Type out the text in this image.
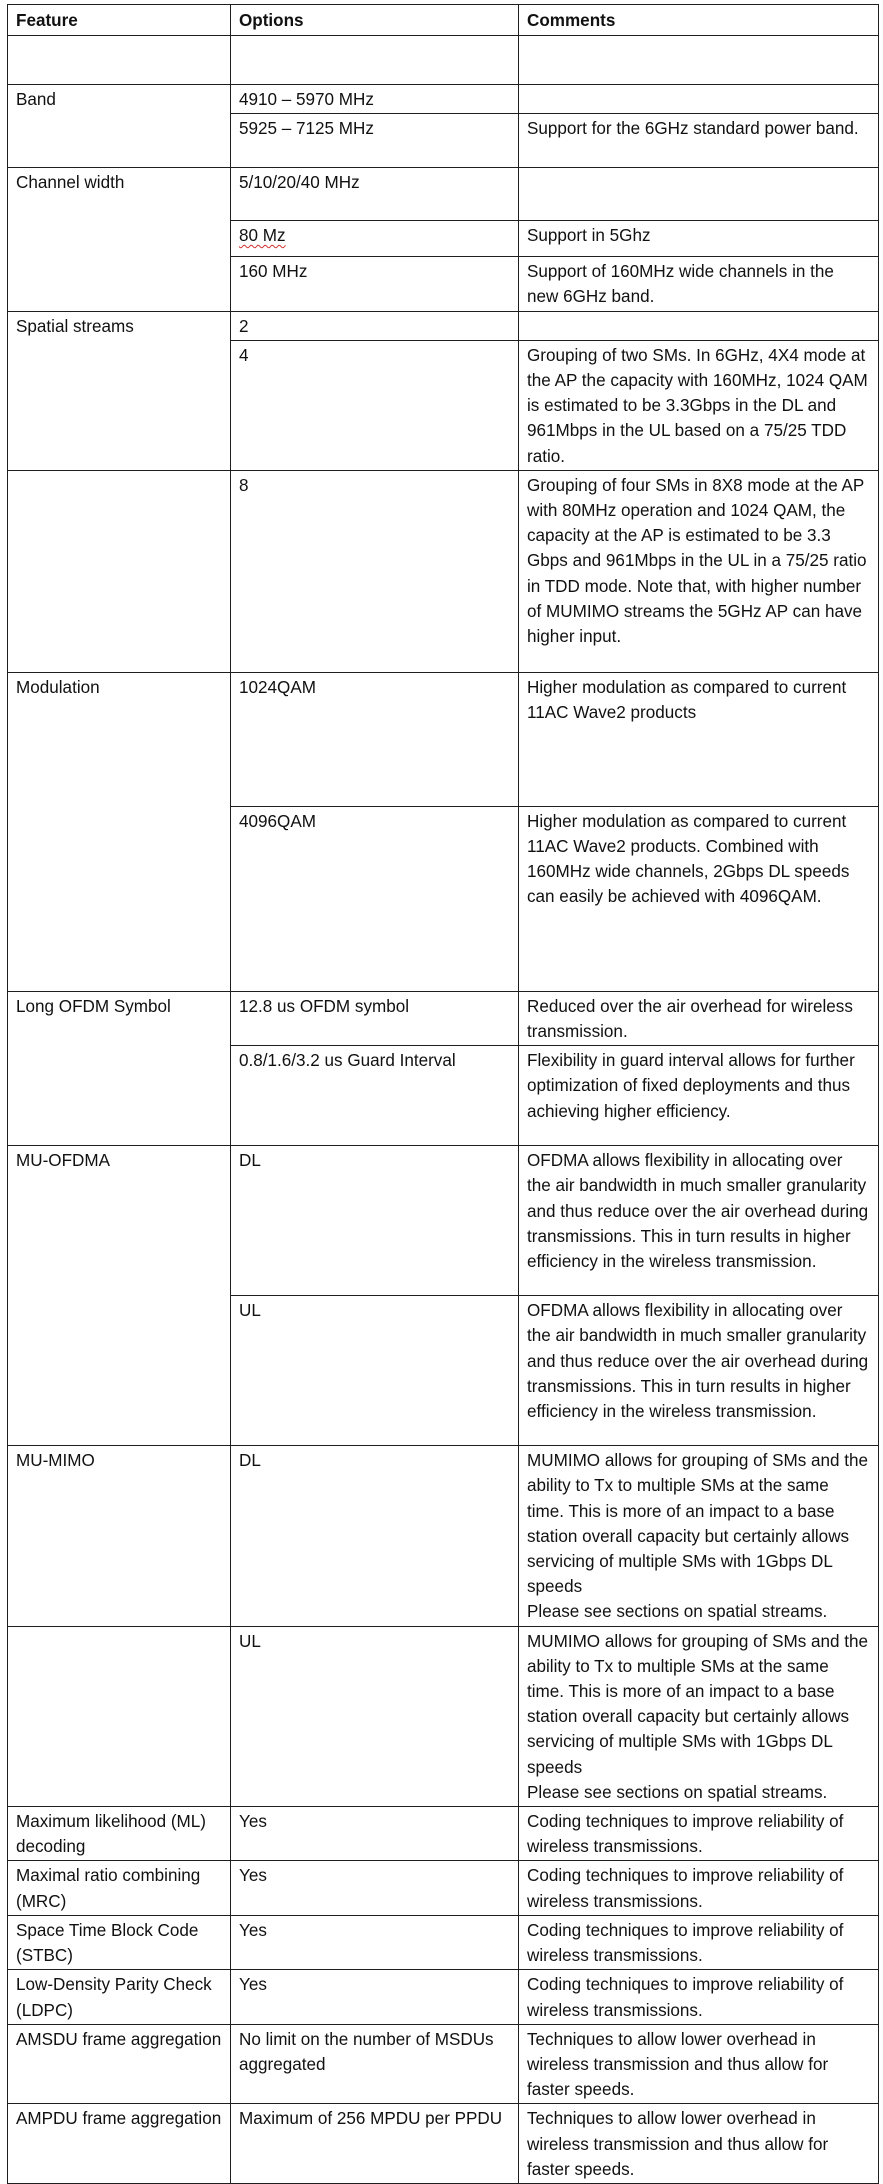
Feature	Options	Comments

Band	4910 – 5970 MHz	
	5925 – 7125 MHz	Support for the 6GHz standard power band.
Channel width	5/10/20/40 MHz	
	80 Mz	Support in 5Ghz
	160 MHz	Support of 160MHz wide channels in the new 6GHz band.
Spatial streams	2	
	4	Grouping of two SMs. In 6GHz, 4X4 mode at the AP the capacity with 160MHz, 1024 QAM is estimated to be 3.3Gbps in the DL and 961Mbps in the UL based on a 75/25 TDD ratio.
	8	Grouping of four SMs in 8X8 mode at the AP with 80MHz operation and 1024 QAM, the capacity at the AP is estimated to be 3.3 Gbps and 961Mbps in the UL in a 75/25 ratio in TDD mode. Note that, with higher number of MUMIMO streams the 5GHz AP can have higher input.
Modulation	1024QAM	Higher modulation as compared to current 11AC Wave2 products
	4096QAM	Higher modulation as compared to current 11AC Wave2 products. Combined with 160MHz wide channels, 2Gbps DL speeds can easily be achieved with 4096QAM.
Long OFDM Symbol	12.8 us OFDM symbol	Reduced over the air overhead for wireless transmission.
	0.8/1.6/3.2 us Guard Interval	Flexibility in guard interval allows for further optimization of fixed deployments and thus achieving higher efficiency.
MU-OFDMA	DL	OFDMA allows flexibility in allocating over the air bandwidth in much smaller granularity and thus reduce over the air overhead during transmissions. This in turn results in higher efficiency in the wireless transmission.
	UL	OFDMA allows flexibility in allocating over the air bandwidth in much smaller granularity and thus reduce over the air overhead during transmissions. This in turn results in higher efficiency in the wireless transmission.
MU-MIMO	DL	MUMIMO allows for grouping of SMs and the ability to Tx to multiple SMs at the same time. This is more of an impact to a base station overall capacity but certainly allows servicing of multiple SMs with 1Gbps DL speeds
Please see sections on spatial streams.
	UL	MUMIMO allows for grouping of SMs and the ability to Tx to multiple SMs at the same time. This is more of an impact to a base station overall capacity but certainly allows servicing of multiple SMs with 1Gbps DL speeds
Please see sections on spatial streams.
Maximum likelihood (ML) decoding	Yes	Coding techniques to improve reliability of wireless transmissions.
Maximal ratio combining (MRC)	Yes	Coding techniques to improve reliability of wireless transmissions.
Space Time Block Code (STBC)	Yes	Coding techniques to improve reliability of wireless transmissions.
Low-Density Parity Check (LDPC)	Yes	Coding techniques to improve reliability of wireless transmissions.
AMSDU frame aggregation	No limit on the number of MSDUs aggregated	Techniques to allow lower overhead in wireless transmission and thus allow for faster speeds.
AMPDU frame aggregation	Maximum of 256 MPDU per PPDU	Techniques to allow lower overhead in wireless transmission and thus allow for faster speeds.
